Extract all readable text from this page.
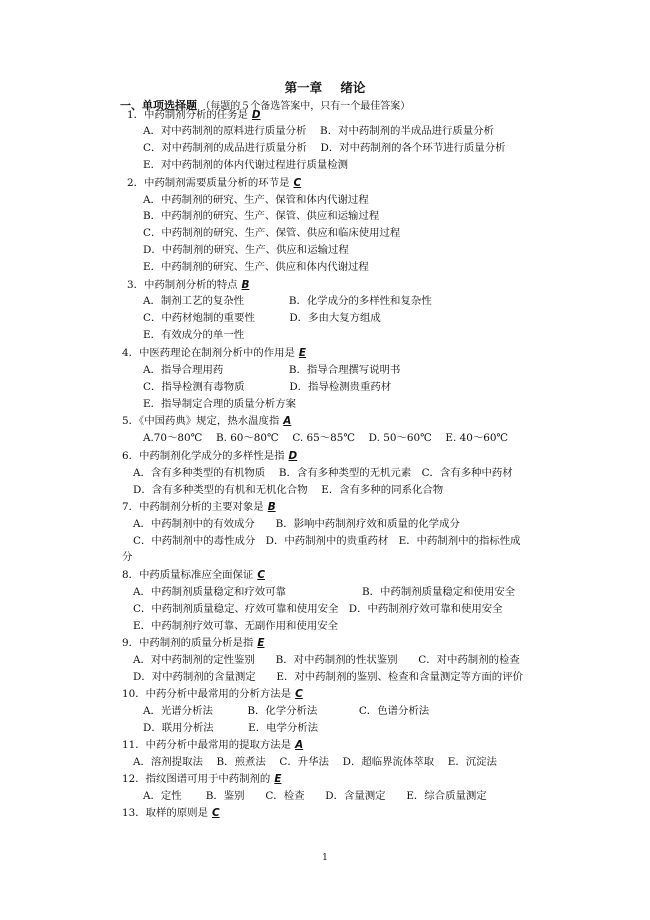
第一章 绪论
一、单项选择题 （每题的５个备选答案中，只有一个最佳答案）
1．中药制剂分析的任务是 D
A．对中药制剂的原料进行质量分析　 B．对中药制剂的半成品进行质量分析
C．对中药制剂的成品进行质量分析　 D．对中药制剂的各个环节进行质量分析
E．对中药制剂的体内代谢过程进行质量检测
2．中药制剂需要质量分析的环节是 C
A．中药制剂的研究、生产、保管和体内代谢过程
B．中药制剂的研究、生产、保管、供应和运输过程
C．中药制剂的研究、生产、保管、供应和临床使用过程
D．中药制剂的研究、生产、供应和运输过程
E．中药制剂的研究、生产、供应和体内代谢过程
3．中药制剂分析的特点 B
A．制剂工艺的复杂性　　　　 B．化学成分的多样性和复杂性
C．中药材炮制的重要性　　　 D．多由大复方组成
E．有效成分的单一性
4．中医药理论在制剂分析中的作用是 E
A．指导合理用药　　　　　　 B．指导合理撰写说明书
C．指导检测有毒物质　　　　 D．指导检测贵重药材
E．指导制定合理的质量分析方案
5．《中国药典》规定，热水温度指 A
A.70～80℃　 B. 60～80℃　 C. 65～85℃　 D. 50～60℃　 E. 40～60℃
6．中药制剂化学成分的多样性是指 D
A．含有多种类型的有机物质　 B．含有多种类型的无机元素　C．含有多种中药材
D．含有多种类型的有机和无机化合物　 E．含有多种的同系化合物
7．中药制剂分析的主要对象是 B
A．中药制剂中的有效成分　　B．影响中药制剂疗效和质量的化学成分
C．中药制剂中的毒性成分　D．中药制剂中的贵重药材　E．中药制剂中的指标性成
分
8．中药质量标准应全面保证 C
A．中药制剂质量稳定和疗效可靠　　　　　　　 B．中药制剂质量稳定和使用安全
C．中药制剂质量稳定、疗效可靠和使用安全　D．中药制剂疗效可靠和使用安全
E．中药制剂疗效可靠、无副作用和使用安全
9．中药制剂的质量分析是指 E
A．对中药制剂的定性鉴别　　B．对中药制剂的性状鉴别　　C．对中药制剂的检查
D．对中药制剂的含量测定　　E．对中药制剂的鉴别、检查和含量测定等方面的评价
10．中药分析中最常用的分析方法是 C
A．光谱分析法　　　 B．化学分析法　　　　C．色谱分析法
D．联用分析法　　　 E．电学分析法
11．中药分析中最常用的提取方法是 A
A．溶剂提取法　 B．煎煮法　 C．升华法　 D．超临界流体萃取　 E．沉淀法
12．指纹图谱可用于中药制剂的 E
A．定性　　 B．鉴别　　C．检查　　D．含量测定　　E．综合质量测定
13．取样的原则是 C
1
